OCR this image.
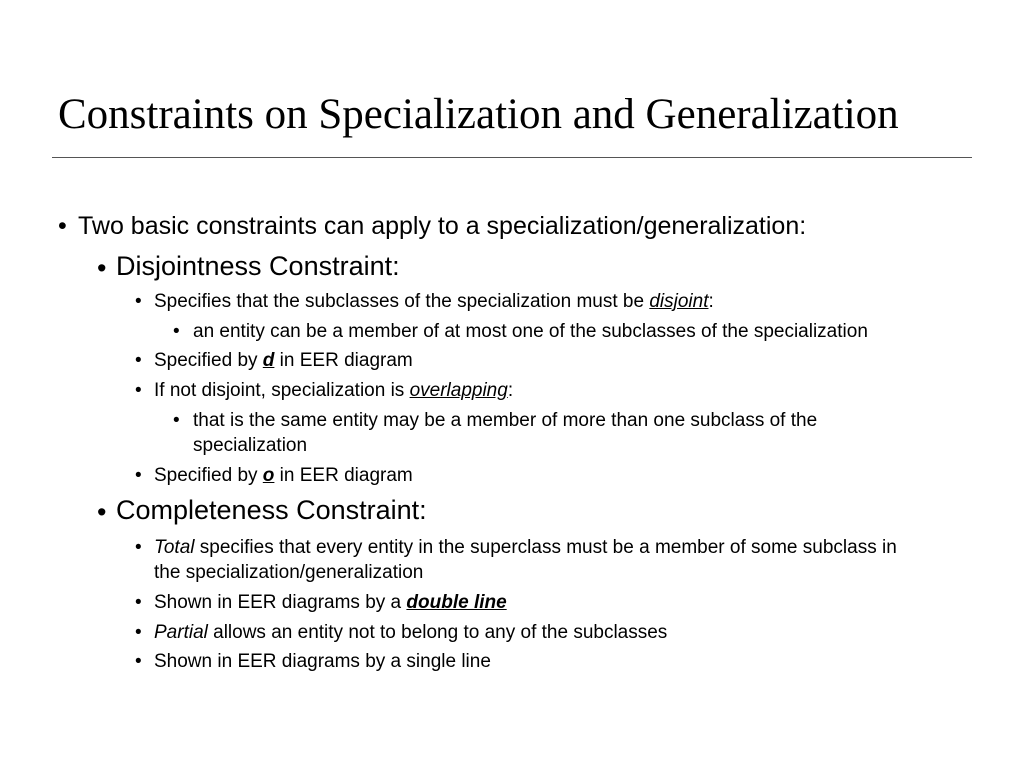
Constraints on Specialization and Generalization
• Two basic constraints can apply to a specialization/generalization:
• Disjointness Constraint:
• Specifies that the subclasses of the specialization must be disjoint:
• an entity can be a member of at most one of the subclasses of the specialization
• Specified by d in EER diagram
• If not disjoint, specialization is overlapping:
• that is the same entity may be a member of more than one subclass of the
specialization
• Specified by o in EER diagram
• Completeness Constraint:
• Total specifies that every entity in the superclass must be a member of some subclass in
the specialization/generalization
• Shown in EER diagrams by a double line
• Partial allows an entity not to belong to any of the subclasses
• Shown in EER diagrams by a single line
